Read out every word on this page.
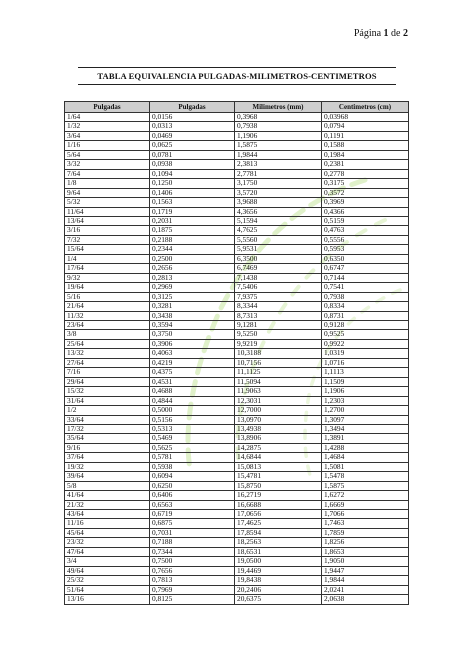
Página 1 de 2
TABLA EQUIVALENCIA PULGADAS-MILIMETROS-CENTIMETROS
Pulgadas	Pulgadas	Milimetros (mm)	Centimetros (cm)
1/64	0,0156	0,3968	0,03968
1/32	0,0313	0,7938	0,0794
3/64	0,0469	1,1906	0,1191
1/16	0,0625	1,5875	0,1588
5/64	0,0781	1,9844	0,1984
3/32	0,0938	2,3813	0,2381
7/64	0,1094	2,7781	0,2778
1/8	0,1250	3,1750	0,3175
9/64	0,1406	3,5720	0,3572
5/32	0,1563	3,9688	0,3969
11/64	0,1719	4,3656	0,4366
13/64	0,2031	5,1594	0,5159
3/16	0,1875	4,7625	0,4763
7/32	0,2188	5,5560	0,5556
15/64	0,2344	5,9531	0,5953
1/4	0,2500	6,3500	0,6350
17/64	0,2656	6,7469	0,6747
9/32	0,2813	7,1438	0,7144
19/64	0,2969	7,5406	0,7541
5/16	0,3125	7,9375	0,7938
21/64	0,3281	8,3344	0,8334
11/32	0,3438	8,7313	0,8731
23/64	0,3594	9,1281	0,9128
3/8	0,3750	9,5250	0,9525
25/64	0,3906	9,9219	0,9922
13/32	0,4063	10,3188	1,0319
27/64	0,4219	10,7156	1,0716
7/16	0,4375	11,1125	1,1113
29/64	0,4531	11,5094	1,1509
15/32	0,4688	11,9063	1,1906
31/64	0,4844	12,3031	1,2303
1/2	0,5000	12,7000	1,2700
33/64	0,5156	13,0970	1,3097
17/32	0,5313	13,4938	1,3494
35/64	0,5469	13,8906	1,3891
9/16	0,5625	14,2875	1,4288
37/64	0,5781	14,6844	1,4684
19/32	0,5938	15,0813	1,5081
39/64	0,6094	15,4781	1,5478
5/8	0,6250	15,8750	1,5875
41/64	0,6406	16,2719	1,6272
21/32	0,6563	16,6688	1,6669
43/64	0,6719	17,0656	1,7066
11/16	0,6875	17,4625	1,7463
45/64	0,7031	17,8594	1,7859
23/32	0,7188	18,2563	1,8256
47/64	0,7344	18,6531	1,8653
3/4	0,7500	19,0500	1,9050
49/64	0,7656	19,4469	1,9447
25/32	0,7813	19,8438	1,9844
51/64	0,7969	20,2406	2,0241
13/16	0,8125	20,6375	2,0638
